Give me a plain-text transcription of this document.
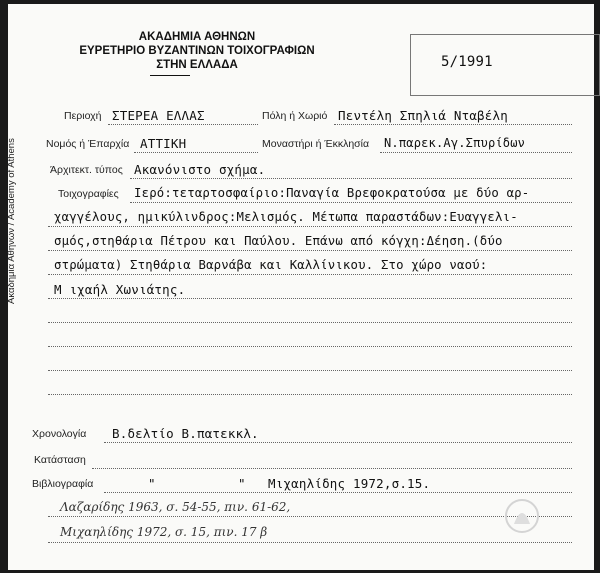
ΑΚΑΔΗΜΙΑ ΑΘΗΝΩΝ
ΕΥΡΕΤΗΡΙΟ ΒΥΖΑΝΤΙΝΩΝ ΤΟΙΧΟΓΡΑΦΙΩΝ
ΣΤΗΝ ΕΛΛΑΔΑ	5/1991
Ακαδημία Αθηνών / Academy of Athens
Περιοχή ΣΤΕΡΕΑ ΕΛΛΑΣ	Πόλη ή Χωριό Πεντέλη Σπηλιά Νταβέλη
Νομός ή Έπαρχία ΑΤΤΙΚΗ	Μοναστήρι ή Έκκλησία Ν.παρεκ.Αγ.Σπυρίδων
Άρχιτεκτ. τύπος Ακανόνιστο σχήμα.
Τοιχογραφίες Ιερό:τεταρτοσφαίριο:Παναγία Βρεφοκρατούσα με δύο αρ-
χαγγέλους, ημικύλινδρος:Μελισμός. Μέτωπα παραστάδων:Ευαγγελι-
σμός,στηθάρια Πέτρου και Παύλου. Επάνω από κόγχη:Δέηση.(δύο
στρώματα) Στηθάρια Βαρνάβα και Καλλίνικου. Στο χώρο ναού:
Μ ιχαήλ Χωνιάτης.
Χρονολογία Β.δελτίο Β.πατεκκλ.
Κατάσταση
Βιβλιογραφία	"	" Μιχαηλίδης 1972,σ.15.
Λαζαρίδης 1963, σ. 54-55, πιν. 61-62,
Μιχαηλίδης 1972, σ. 15, πιν. 17 β
